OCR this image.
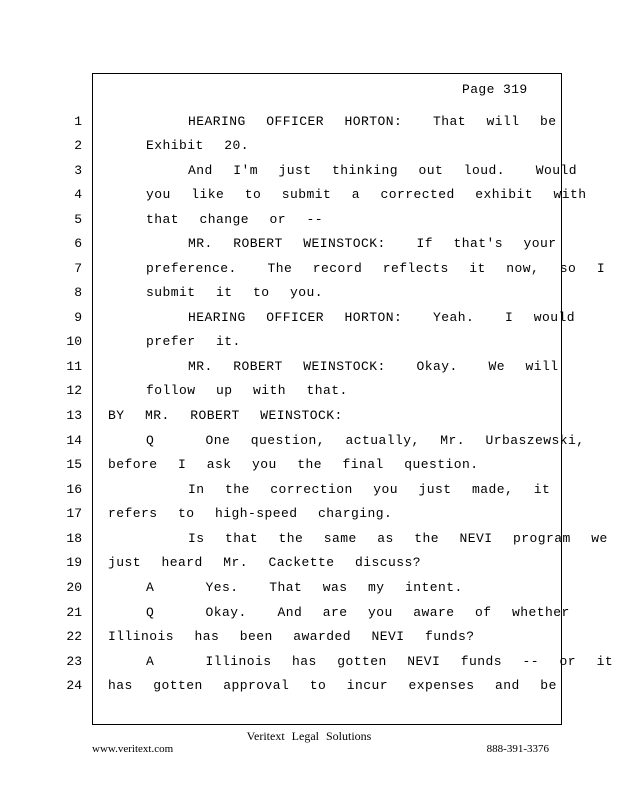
Page 319
1	HEARING  OFFICER  HORTON:   That  will  be
2	Exhibit  20.
3	And  I'm  just  thinking  out  loud.   Would
4	you  like  to  submit  a  corrected  exhibit  with
5	that  change  or  --
6	MR.  ROBERT  WEINSTOCK:   If  that's  your
7	preference.   The  record  reflects  it  now,  so  I
8	submit  it  to  you.
9	HEARING  OFFICER  HORTON:   Yeah.   I  would
10	prefer  it.
11	MR.  ROBERT  WEINSTOCK:   Okay.   We  will
12	follow  up  with  that.
13 BY  MR.  ROBERT  WEINSTOCK:
14	Q     One  question,  actually,  Mr.  Urbaszewski,
15 before  I  ask  you  the  final  question.
16	In  the  correction  you  just  made,  it
17 refers  to  high-speed  charging.
18	Is  that  the  same  as  the  NEVI  program  we
19 just  heard  Mr.  Cackette  discuss?
20	A     Yes.   That  was  my  intent.
21	Q     Okay.   And  are  you  aware  of  whether
22 Illinois  has  been  awarded  NEVI  funds?
23	A     Illinois  has  gotten  NEVI  funds  --  or  it
24 has  gotten  approval  to  incur  expenses  and  be
Veritext Legal Solutions
www.veritext.com	888-391-3376
